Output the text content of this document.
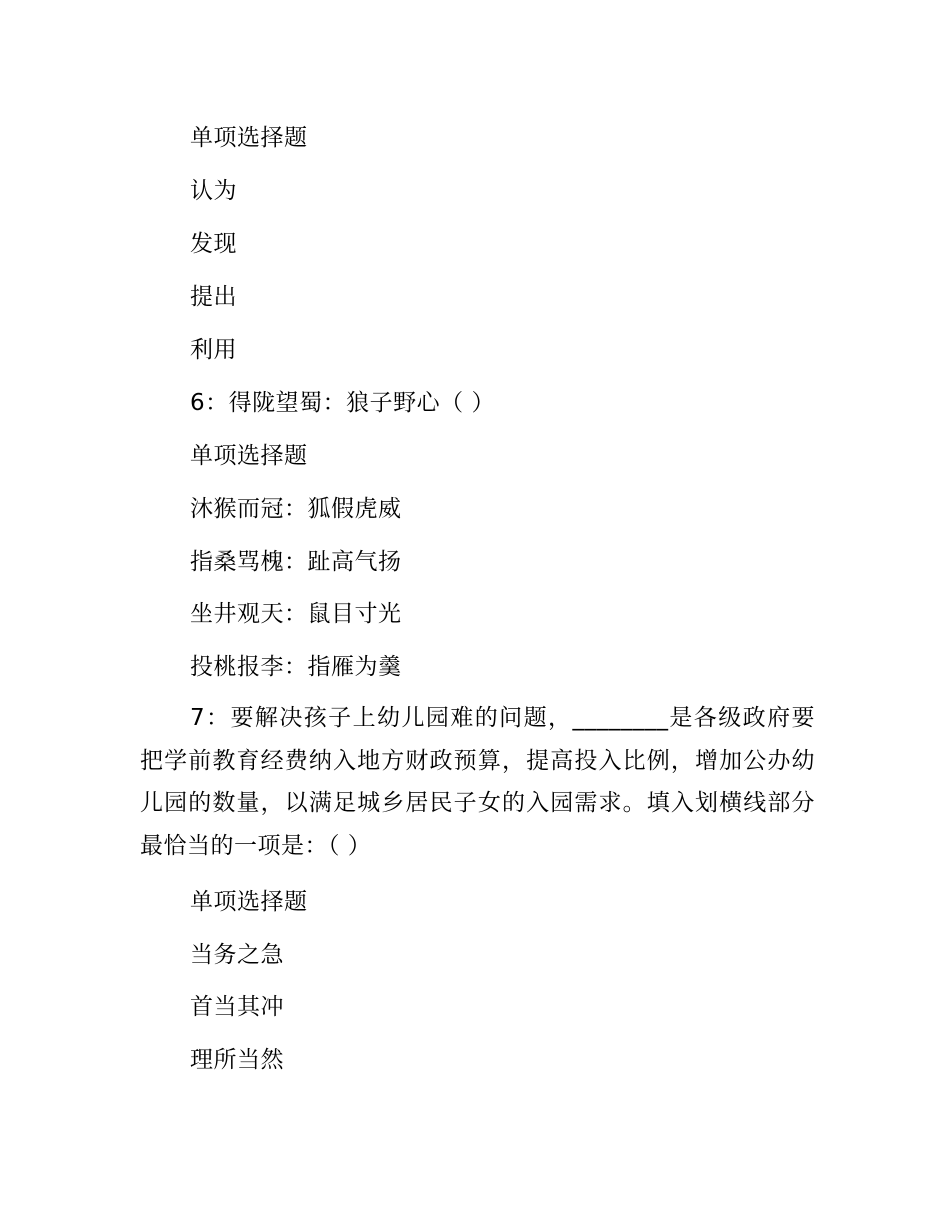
单项选择题
认为
发现
提出
利用
6：得陇望蜀：狼子野心（ ）
单项选择题
沐猴而冠：狐假虎威
指桑骂槐：趾高气扬
坐井观天：鼠目寸光
投桃报李：指雁为羹
7：要解决孩子上幼儿园难的问题，________是各级政府要把学前教育经费纳入地方财政预算，提高投入比例，增加公办幼儿园的数量，以满足城乡居民子女的入园需求。填入划横线部分最恰当的一项是：（ ）
单项选择题
当务之急
首当其冲
理所当然
